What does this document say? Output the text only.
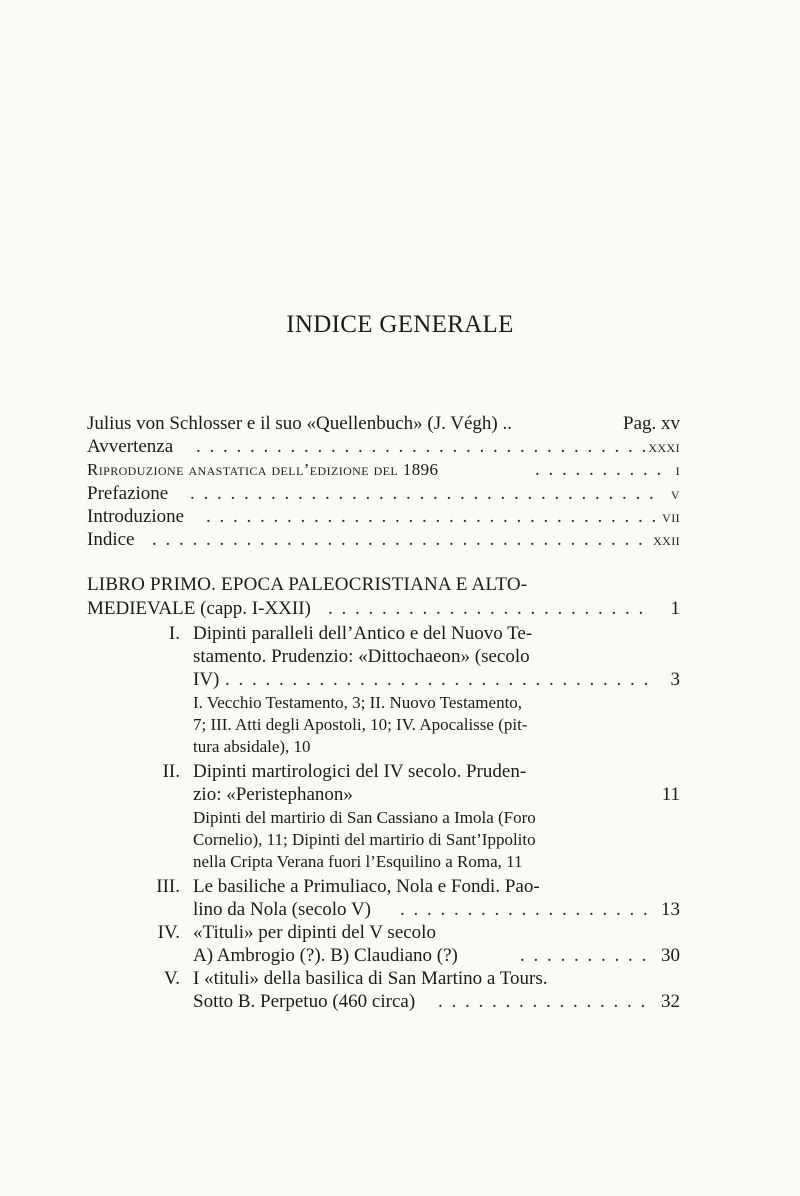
INDICE GENERALE
Julius von Schlosser e il suo «Quellenbuch» (J. Végh) ..	Pag. xv
Avvertenza . . .	xxxi
Riproduzione anastatica dell’edizione del 1896 . . .	i
Prefazione . . .	v
Introduzione . . .	vii
Indice . . .	xxii
LIBRO PRIMO. EPOCA PALEOCRISTIANA E ALTO-
MEDIEVALE (capp. I-XXII) . . .	1
I. Dipinti paralleli dell’Antico e del Nuovo Te-
stamento. Prudenzio: «Dittochaeon» (secolo
IV) . . .	3
I. Vecchio Testamento, 3; II. Nuovo Testamento,
7; III. Atti degli Apostoli, 10; IV. Apocalisse (pit-
tura absidale), 10
II. Dipinti martirologici del IV secolo. Pruden-
zio: «Peristephanon»	11
Dipinti del martirio di San Cassiano a Imola (Foro
Cornelio), 11; Dipinti del martirio di Sant’Ippolito
nella Cripta Verana fuori l’Esquilino a Roma, 11
III. Le basiliche a Primuliaco, Nola e Fondi. Pao-
lino da Nola (secolo V) . . .	13
IV. «Tituli» per dipinti del V secolo
A) Ambrogio (?). B) Claudiano (?) . . .	30
V. I «tituli» della basilica di San Martino a Tours.
Sotto B. Perpetuo (460 circa) . . .	32
